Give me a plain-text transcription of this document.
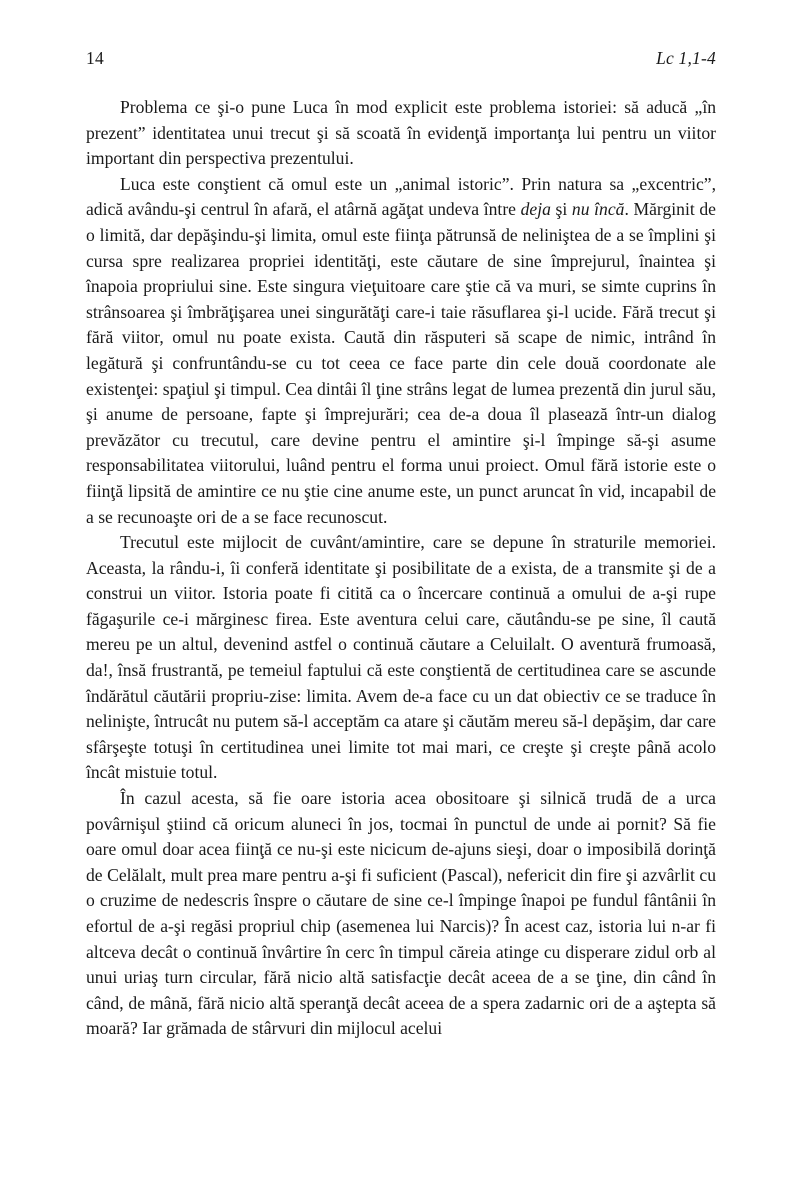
14	Lc 1,1-4

Problema ce şi-o pune Luca în mod explicit este problema istoriei: să aducă „în prezent” identitatea unui trecut şi să scoată în evidenţă importanţa lui pentru un viitor important din perspectiva prezentului.

Luca este conştient că omul este un „animal istoric”. Prin natura sa „excentric”, adică avându-şi centrul în afară, el atârnă agăţat undeva între deja şi nu încă. Mărginit de o limită, dar depăşindu-şi limita, omul este fiinţa pătrunsă de neliniştea de a se împlini şi cursa spre realizarea propriei identităţi, este căutare de sine împrejurul, înaintea şi înapoia propriului sine. Este singura vieţuitoare care ştie că va muri, se simte cuprins în strânsoarea şi îmbrăţişarea unei singurătăţi care-i taie răsuflarea şi-l ucide. Fără trecut şi fără viitor, omul nu poate exista. Caută din răsputeri să scape de nimic, intrând în legătură şi confruntându-se cu tot ceea ce face parte din cele două coordonate ale existenţei: spaţiul şi timpul. Cea dintâi îl ţine strâns legat de lumea prezentă din jurul său, şi anume de persoane, fapte şi împrejurări; cea de-a doua îl plasează într-un dialog prevăzător cu trecutul, care devine pentru el amintire şi-l împinge să-şi asume responsabilitatea viitorului, luând pentru el forma unui proiect. Omul fără istorie este o fiinţă lipsită de amintire ce nu ştie cine anume este, un punct aruncat în vid, incapabil de a se recunoaşte ori de a se face recunoscut.

Trecutul este mijlocit de cuvânt/amintire, care se depune în straturile memoriei. Aceasta, la rându-i, îi conferă identitate şi posibilitate de a exista, de a transmite şi de a construi un viitor. Istoria poate fi citită ca o încercare continuă a omului de a-şi rupe făgaşurile ce-i mărginesc firea. Este aventura celui care, căutându-se pe sine, îl caută mereu pe un altul, devenind astfel o continuă căutare a Celuilalt. O aventură frumoasă, da!, însă frustrantă, pe temeiul faptului că este conştientă de certitudinea care se ascunde îndărătul căutării propriu-zise: limita. Avem de-a face cu un dat obiectiv ce se traduce în nelinişte, întrucât nu putem să-l acceptăm ca atare şi căutăm mereu să-l depăşim, dar care sfârşeşte totuşi în certitudinea unei limite tot mai mari, ce creşte şi creşte până acolo încât mistuie totul.

În cazul acesta, să fie oare istoria acea obositoare şi silnică trudă de a urca povârnişul ştiind că oricum aluneci în jos, tocmai în punctul de unde ai pornit? Să fie oare omul doar acea fiinţă ce nu-şi este nicicum de-ajuns sieşi, doar o imposibilă dorinţă de Celălalt, mult prea mare pentru a-şi fi suficient (Pascal), nefericit din fire şi azvârlit cu o cruzime de nedescris înspre o căutare de sine ce-l împinge înapoi pe fundul fântânii în efortul de a-şi regăsi propriul chip (asemenea lui Narcis)? În acest caz, istoria lui n-ar fi altceva decât o continuă învârtire în cerc în timpul căreia atinge cu disperare zidul orb al unui uriaş turn circular, fără nicio altă satisfacţie decât aceea de a se ţine, din când în când, de mână, fără nicio altă speranţă decât aceea de a spera zadarnic ori de a aştepta să moară? Iar grămada de stârvuri din mijlocul acelui
